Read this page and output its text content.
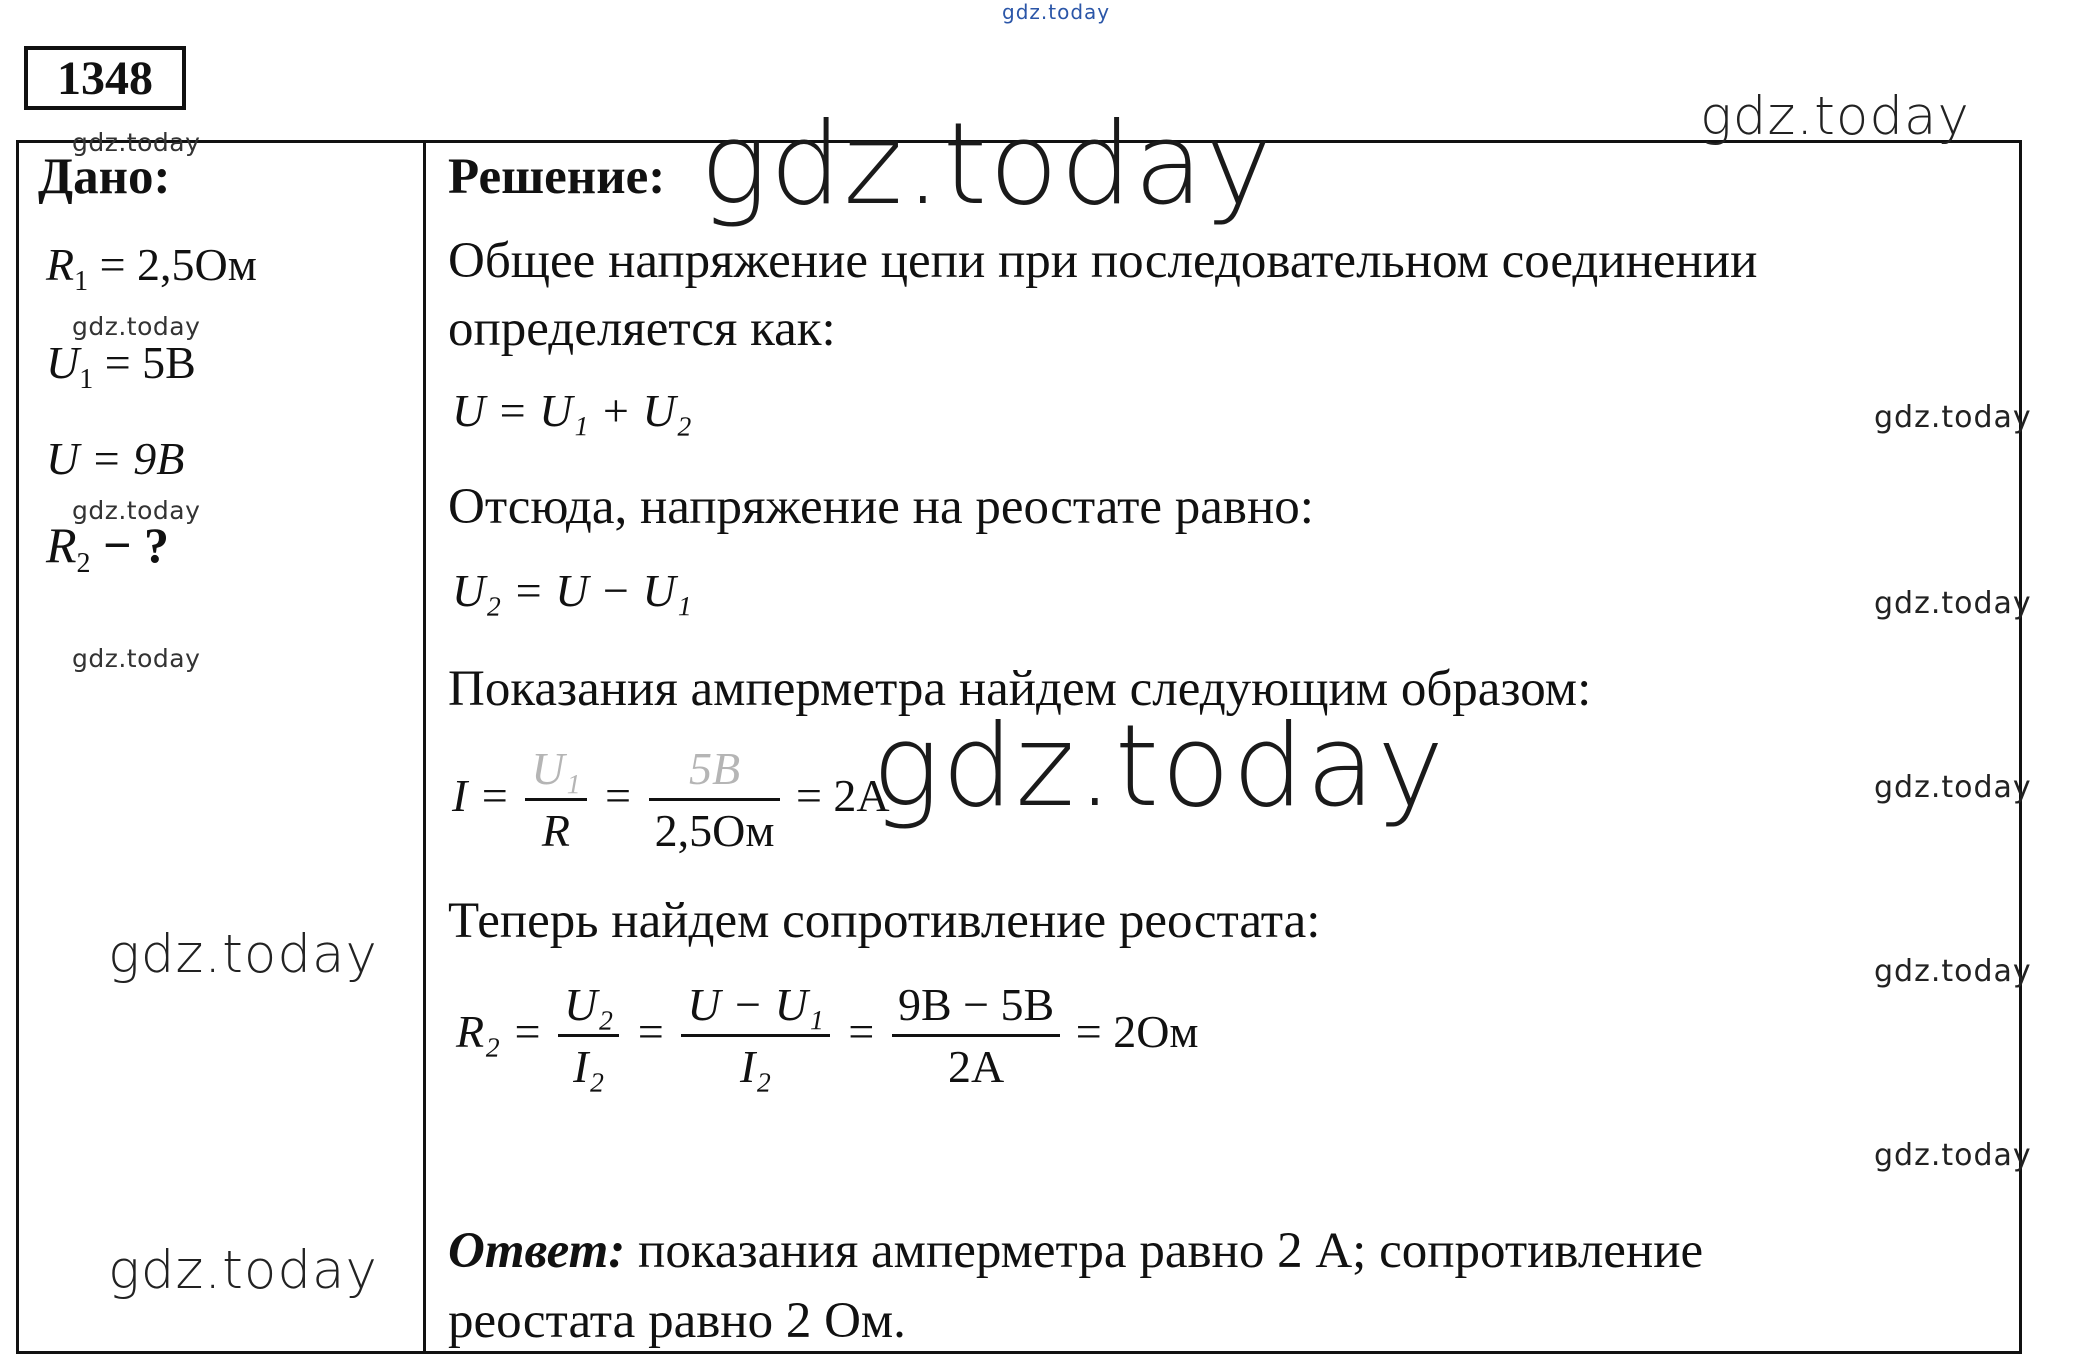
gdz.today
1348
Дано:
$R_1 = 2,5Ом$
$U_1 = 5В$
U = 9В
$R_2$ − ?
Решение:
Общее напряжение цепи при последовательном соединении
определяется как:
U = U₁ + U₂
Отсюда, напряжение на реостате равно:
U₂ = U − U₁
Показания амперметра найдем следующим образом:
$I = \frac{\text{U₁}}{R} = \frac{5В}{2,5Ом} = 2А$
Теперь найдем сопротивление реостата:
$R_2 = \frac{\text{U₂}}{\text{I₂}} = \frac{\text{U − U₁}}{\text{I₂}} = \frac{9В - 5В}{2А} = 2Ом$
Ответ: показания амперметра равно 2 А; сопротивление
реостата равно 2 Ом.
gdz.today
gdz.today
gdz.today
gdz.today
gdz.today
gdz.today
gdz.today
gdz.today
gdz.today
gdz.today
gdz.today
gdz.today
gdz.today
gdz.today
